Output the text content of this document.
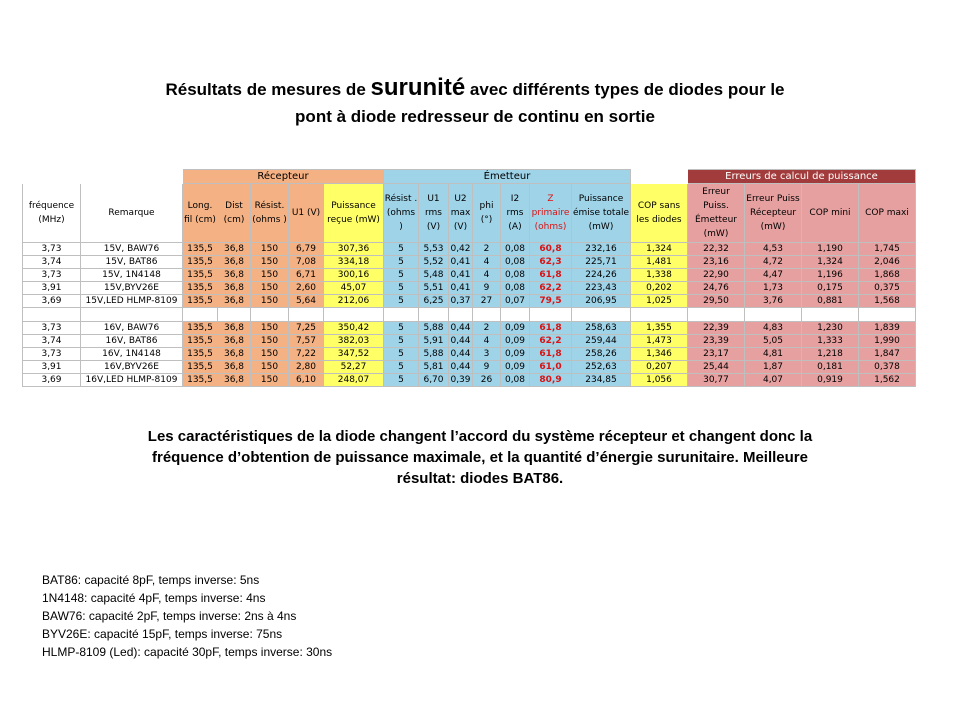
Résultats de mesures de surunité avec différents types de diodes pour le
pont à diode redresseur de continu en sortie
		Récepteur					Émetteur								Erreurs de calcul de puissance			
fréquence (MHz)	Remarque	Long. fil (cm)	Dist (cm)	Résist. (ohms )	U1 (V)	Puissance reçue (mW)	Résist . (ohms )	U1 rms (V)	U2 max (V)	phi (°)	I2 rms (A)	Z primaire (ohms)	Puissance émise totale (mW)	COP sans les diodes	Erreur Puiss. Émetteur (mW)	Erreur Puiss Récepteur (mW)	COP mini	COP maxi
3,73	15V, BAW76	135,5	36,8	150	6,79	307,36	5	5,53	0,42	2	0,08	60,8	232,16	1,324	22,32	4,53	1,190	1,745
3,74	15V, BAT86	135,5	36,8	150	7,08	334,18	5	5,52	0,41	4	0,08	62,3	225,71	1,481	23,16	4,72	1,324	2,046
3,73	15V, 1N4148	135,5	36,8	150	6,71	300,16	5	5,48	0,41	4	0,08	61,8	224,26	1,338	22,90	4,47	1,196	1,868
3,91	15V,BYV26E	135,5	36,8	150	2,60	45,07	5	5,51	0,41	9	0,08	62,2	223,43	0,202	24,76	1,73	0,175	0,375
3,69	15V,LED HLMP-8109	135,5	36,8	150	5,64	212,06	5	6,25	0,37	27	0,07	79,5	206,95	1,025	29,50	3,76	0,881	1,568

3,73	16V, BAW76	135,5	36,8	150	7,25	350,42	5	5,88	0,44	2	0,09	61,8	258,63	1,355	22,39	4,83	1,230	1,839
3,74	16V, BAT86	135,5	36,8	150	7,57	382,03	5	5,91	0,44	4	0,09	62,2	259,44	1,473	23,39	5,05	1,333	1,990
3,73	16V, 1N4148	135,5	36,8	150	7,22	347,52	5	5,88	0,44	3	0,09	61,8	258,26	1,346	23,17	4,81	1,218	1,847
3,91	16V,BYV26E	135,5	36,8	150	2,80	52,27	5	5,81	0,44	9	0,09	61,0	252,63	0,207	25,44	1,87	0,181	0,378
3,69	16V,LED HLMP-8109	135,5	36,8	150	6,10	248,07	5	6,70	0,39	26	0,08	80,9	234,85	1,056	30,77	4,07	0,919	1,562
Les caractéristiques de la diode changent l’accord du système récepteur et changent donc la
fréquence d’obtention de puissance maximale, et la quantité d’énergie surunitaire. Meilleure
résultat: diodes BAT86.
BAT86: capacité 8pF, temps inverse: 5ns
1N4148: capacité 4pF, temps inverse: 4ns
BAW76: capacité 2pF, temps inverse: 2ns à 4ns
BYV26E: capacité 15pF, temps inverse: 75ns
HLMP-8109 (Led): capacité 30pF, temps inverse: 30ns
